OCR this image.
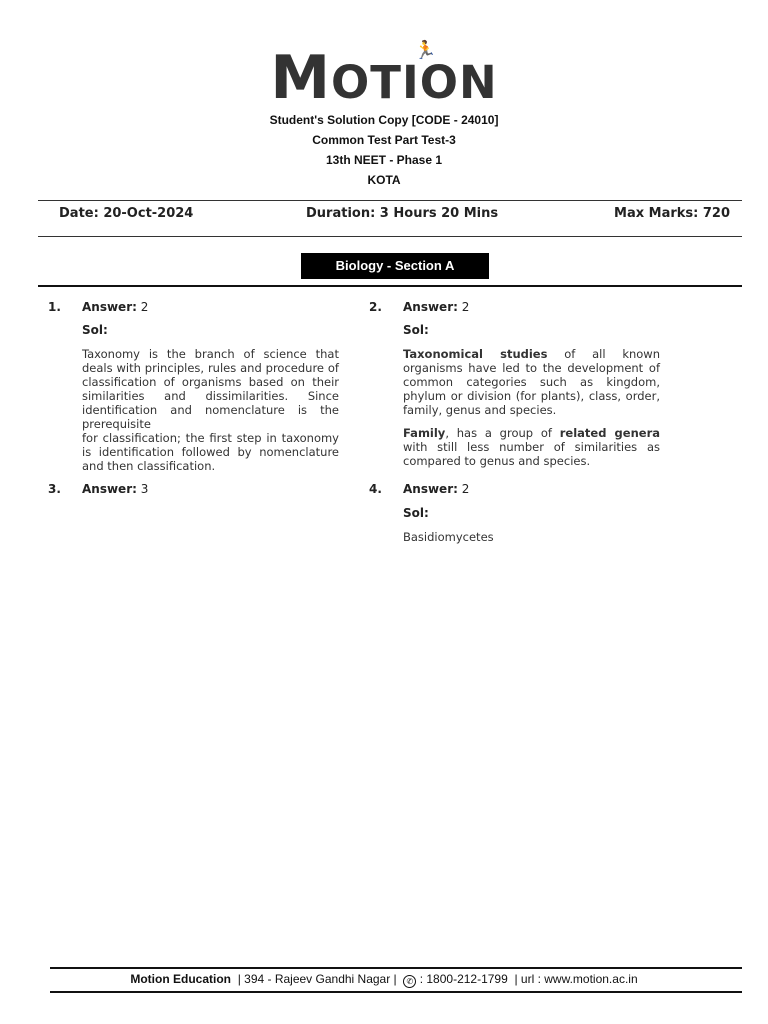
MOTION
🏃
Student's Solution Copy [CODE - 24010]
Common Test Part Test-3
13th NEET - Phase 1
KOTA
Date: 20-Oct-2024	Duration: 3 Hours 20 Mins	Max Marks: 720
Biology - Section A
1. Answer: 2
Sol:
Taxonomy is the branch of science that deals with principles, rules and procedure of classification of organisms based on their similarities and dissimilarities. Since identification and nomenclature is the prerequisite
for classification; the first step in taxonomy is identification followed by nomenclature and then classification.
2. Answer: 2
Sol:
Taxonomical studies of all known organisms have led to the development of common categories such as kingdom, phylum or division (for plants), class, order, family, genus and species.
Family, has a group of related genera with still less number of similarities as compared to genus and species.
3. Answer: 3	4. Answer: 2
Sol:
Basidiomycetes
Motion Education | 394 - Rajeev Gandhi Nagar | ✆ : 1800-212-1799 | url : www.motion.ac.in
